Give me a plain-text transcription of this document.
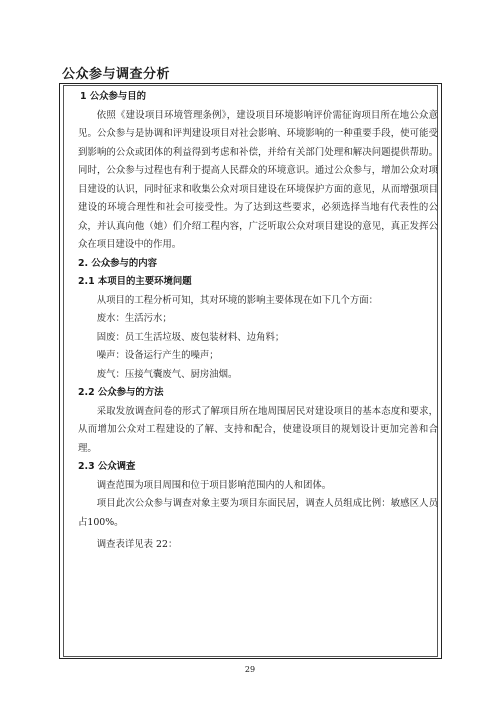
公众参与调查分析

1 公众参与目的

依照《建设项目环境管理条例》，建设项目环境影响评价需征询项目所在地公众意见。公众参与是协调和评判建设项目对社会影响、环境影响的一种重要手段，使可能受到影响的公众或团体的利益得到考虑和补偿，并给有关部门处理和解决问题提供帮助。同时，公众参与过程也有利于提高人民群众的环境意识。通过公众参与，增加公众对项目建设的认识，同时征求和收集公众对项目建设在环境保护方面的意见，从而增强项目建设的环境合理性和社会可接受性。为了达到这些要求，必须选择当地有代表性的公众，并认真向他（她）们介绍工程内容，广泛听取公众对项目建设的意见，真正发挥公众在项目建设中的作用。

2. 公众参与的内容

2.1 本项目的主要环境问题

从项目的工程分析可知，其对环境的影响主要体现在如下几个方面：

废水：生活污水；

固废：员工生活垃圾、废包装材料、边角料；

噪声：设备运行产生的噪声；

废气：压接气囊废气、厨房油烟。

2.2 公众参与的方法

采取发放调查问卷的形式了解项目所在地周围居民对建设项目的基本态度和要求，从而增加公众对工程建设的了解、支持和配合，使建设项目的规划设计更加完善和合理。

2.3 公众调查

调查范围为项目周围和位于项目影响范围内的人和团体。

项目此次公众参与调查对象主要为项目东面民居，调查人员组成比例：敏感区人员占100%。

调查表详见表 22：

29
